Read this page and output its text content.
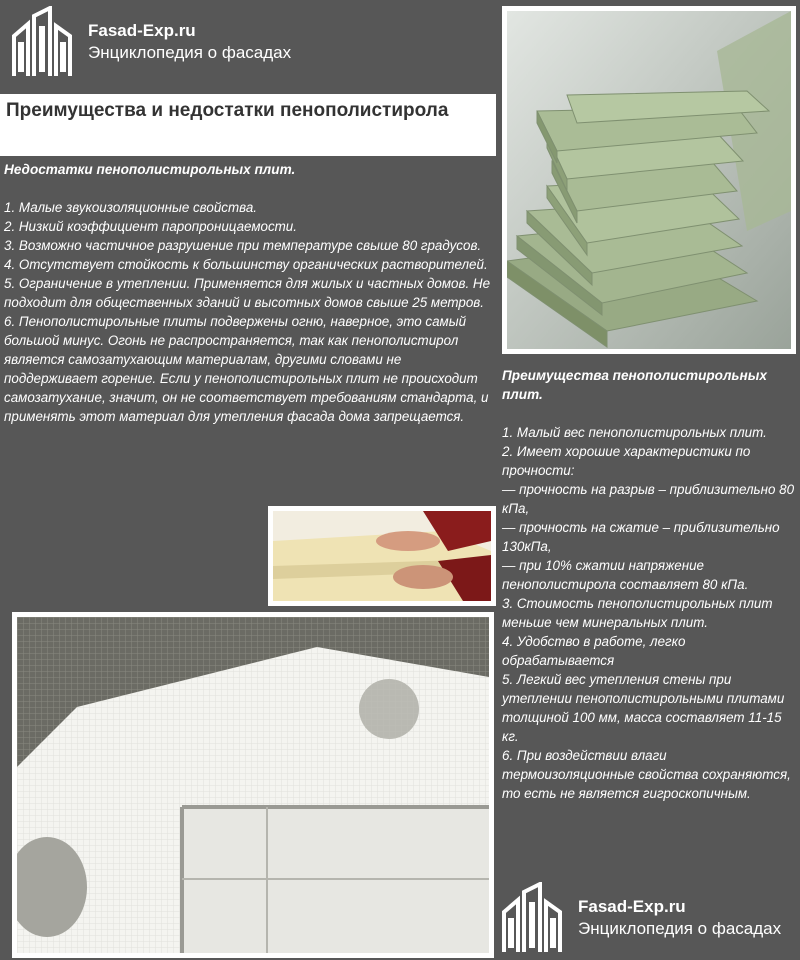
Fasad-Exp.ru
Энциклопедия о фасадах
Преимущества и недостатки пенополистирола
Недостатки пенополистирольных плит.

1. Малые звукоизоляционные свойства.

2. Низкий коэффициент паропроницаемости.

3. Возможно частичное разрушение при температуре свыше 80 градусов.

4. Отсутствует стойкость к большинству органических растворителей.

5. Ограничение в утеплении. Применяется для жилых и частных домов. Не подходит для общественных зданий и высотных домов свыше 25 метров.

6. Пенополистирольные плиты подвержены огню, наверное, это самый большой минус. Огонь не распространяется, так как пенополистирол является самозатухающим материалам, другими словами не поддерживает горение. Если у пенополистирольных плит не происходит самозатухание, значит, он не соответствует требованиям стандарта, и применять этот материал для утепления фасада дома запрещается.

Преимущества пенополистирольных плит.

1. Малый вес пенополистирольных плит.

2. Имеет хорошие характеристики по прочности:

— прочность на разрыв – приблизительно 80 кПа,

— прочность на сжатие – приблизительно 130кПа,

— при 10% сжатии напряжение пенополистирола составляет 80 кПа.

3. Стоимость пенополистирольных плит меньше чем минеральных плит.

4. Удобство в работе, легко обрабатывается

5. Легкий вес утепления стены при утеплении пенополистирольными плитами толщиной 100 мм, масса составляет 11-15 кг.

6. При воздействии влаги термоизоляционные свойства сохраняются, то есть не является гигроскопичным.

Fasad-Exp.ru
Энциклопедия о фасадах
